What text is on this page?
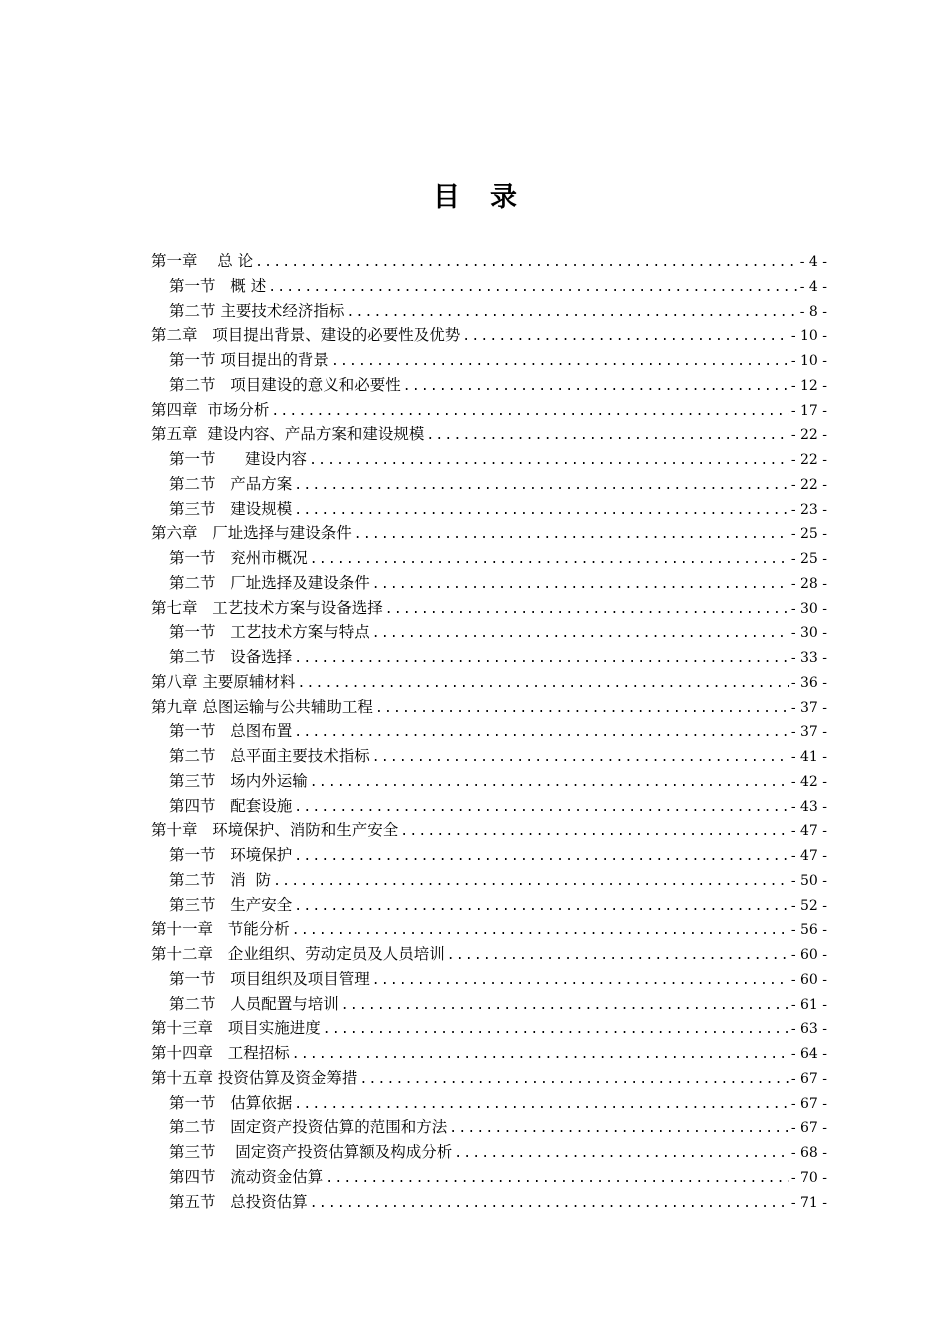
目录
第一章    总 论 .....	- 4 -
第一节   概 述 .....	- 4 -
第二节 主要技术经济指标 .....	- 8 -
第二章   项目提出背景、建设的必要性及优势 .....	- 10 -
第一节 项目提出的背景 .....	- 10 -
第二节   项目建设的意义和必要性 .....	- 12 -
第四章  市场分析 .....	- 17 -
第五章  建设内容、产品方案和建设规模 .....	- 22 -
第一节      建设内容 .....	- 22 -
第二节   产品方案 .....	- 22 -
第三节   建设规模 .....	- 23 -
第六章   厂址选择与建设条件 .....	- 25 -
第一节   兖州市概况 .....	- 25 -
第二节   厂址选择及建设条件 .....	- 28 -
第七章   工艺技术方案与设备选择 .....	- 30 -
第一节   工艺技术方案与特点 .....	- 30 -
第二节   设备选择 .....	- 33 -
第八章 主要原辅材料 .....	- 36 -
第九章 总图运输与公共辅助工程 .....	- 37 -
第一节   总图布置 .....	- 37 -
第二节   总平面主要技术指标 .....	- 41 -
第三节   场内外运输 .....	- 42 -
第四节   配套设施 .....	- 43 -
第十章   环境保护、消防和生产安全 .....	- 47 -
第一节   环境保护 .....	- 47 -
第二节   消  防 .....	- 50 -
第三节   生产安全 .....	- 52 -
第十一章   节能分析 .....	- 56 -
第十二章   企业组织、劳动定员及人员培训 .....	- 60 -
第一节   项目组织及项目管理 .....	- 60 -
第二节   人员配置与培训 .....	- 61 -
第十三章   项目实施进度 .....	- 63 -
第十四章   工程招标 .....	- 64 -
第十五章 投资估算及资金筹措 .....	- 67 -
第一节   估算依据 .....	- 67 -
第二节   固定资产投资估算的范围和方法 .....	- 67 -
第三节    固定资产投资估算额及构成分析 .....	- 68 -
第四节   流动资金估算 .....	- 70 -
第五节   总投资估算 .....	- 71 -
